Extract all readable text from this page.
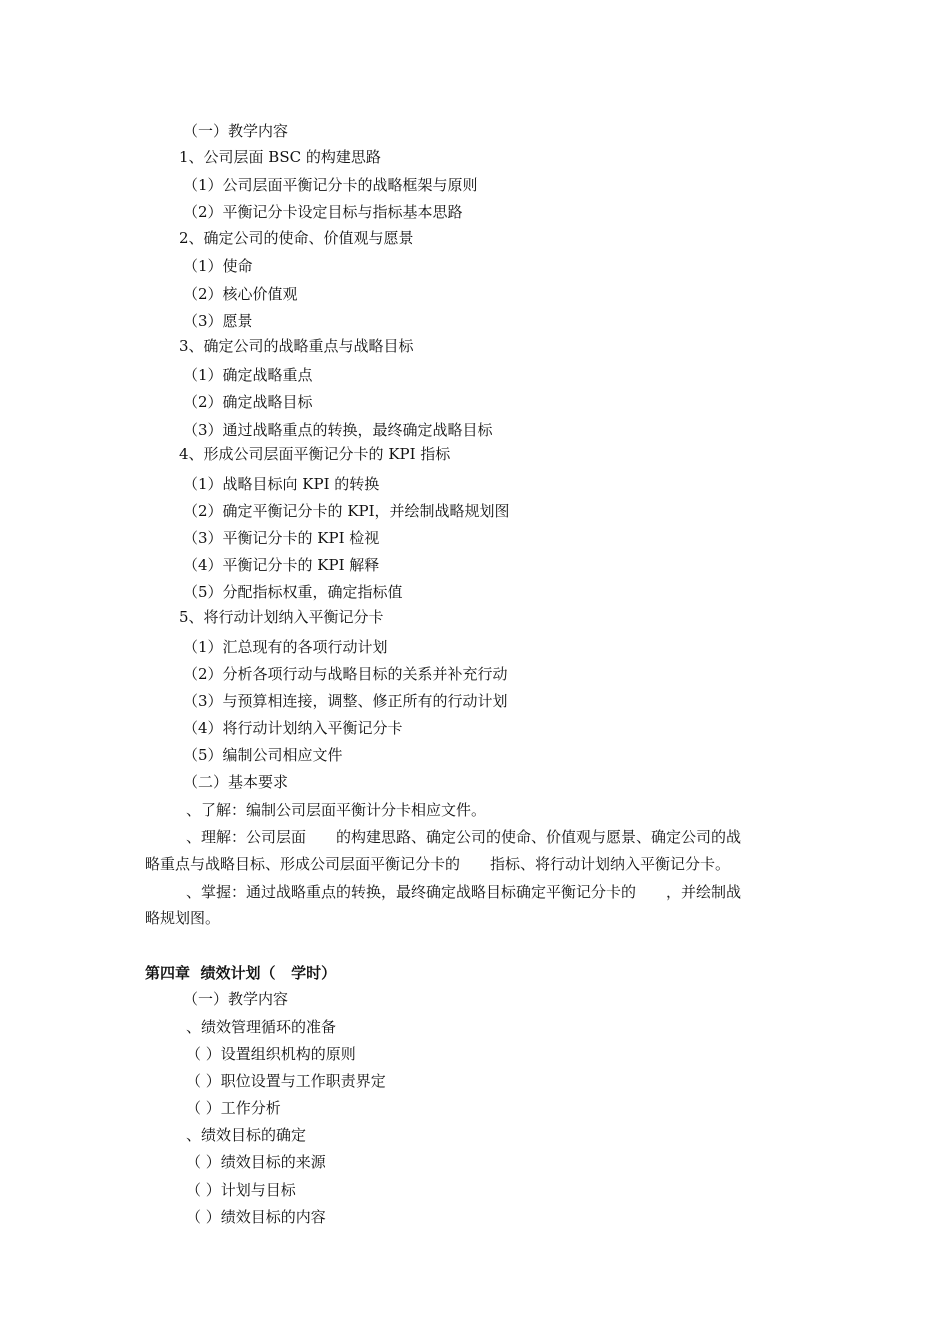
（一）教学内容
1、公司层面 BSC 的构建思路
（1）公司层面平衡记分卡的战略框架与原则
（2）平衡记分卡设定目标与指标基本思路
2、确定公司的使命、价值观与愿景
（1）使命
（2）核心价值观
（3）愿景
3、确定公司的战略重点与战略目标
（1）确定战略重点
（2）确定战略目标
（3）通过战略重点的转换，最终确定战略目标
4、形成公司层面平衡记分卡的 KPI 指标
（1）战略目标向 KPI 的转换
（2）确定平衡记分卡的 KPI，并绘制战略规划图
（3）平衡记分卡的 KPI 检视
（4）平衡记分卡的 KPI 解释
（5）分配指标权重，确定指标值
5、将行动计划纳入平衡记分卡
（1）汇总现有的各项行动计划
（2）分析各项行动与战略目标的关系并补充行动
（3）与预算相连接，调整、修正所有的行动计划
（4）将行动计划纳入平衡记分卡
（5）编制公司相应文件
（二）基本要求
、了解：编制公司层面平衡计分卡相应文件。
、理解：公司层面　　的构建思路、确定公司的使命、价值观与愿景、确定公司的战
略重点与战略目标、形成公司层面平衡记分卡的　　指标、将行动计划纳入平衡记分卡。
、掌握：通过战略重点的转换，最终确定战略目标确定平衡记分卡的　　，并绘制战
略规划图。
第四章  绩效计划（   学时）
（一）教学内容
、绩效管理循环的准备
（ ）设置组织机构的原则
（ ）职位设置与工作职责界定
（ ）工作分析
、绩效目标的确定
（ ）绩效目标的来源
（ ）计划与目标
（ ）绩效目标的内容
